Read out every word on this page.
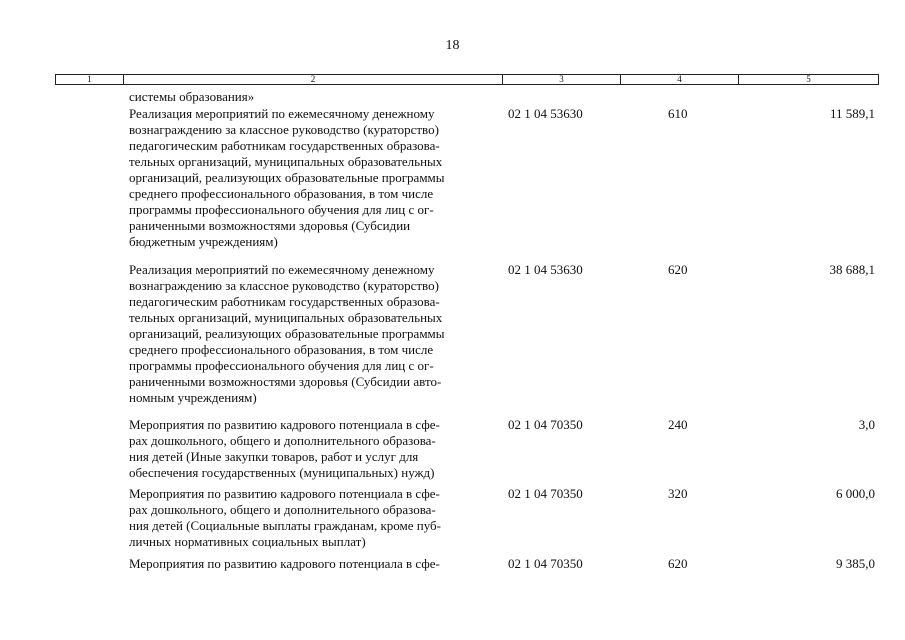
18
1	2	3	4	5
системы образования»
Реализация мероприятий по ежемесячному денежному
вознаграждению за классное руководство (кураторство)
педагогическим работникам государственных образова-
тельных организаций, муниципальных образовательных
организаций, реализующих образовательные программы
среднего профессионального образования, в том числе
программы профессионального обучения для лиц с ог-
раниченными возможностями здоровья (Субсидии
бюджетным учреждениям)
02 1 04 53630	610	11 589,1
Реализация мероприятий по ежемесячному денежному
вознаграждению за классное руководство (кураторство)
педагогическим работникам государственных образова-
тельных организаций, муниципальных образовательных
организаций, реализующих образовательные программы
среднего профессионального образования, в том числе
программы профессионального обучения для лиц с ог-
раниченными возможностями здоровья (Субсидии авто-
номным учреждениям)
02 1 04 53630	620	38 688,1
Мероприятия по развитию кадрового потенциала в сфе-
рах дошкольного, общего и дополнительного образова-
ния детей (Иные закупки товаров, работ и услуг для
обеспечения государственных (муниципальных) нужд)
02 1 04 70350	240	3,0
Мероприятия по развитию кадрового потенциала в сфе-
рах дошкольного, общего и дополнительного образова-
ния детей (Социальные выплаты гражданам, кроме пуб-
личных нормативных социальных выплат)
02 1 04 70350	320	6 000,0
Мероприятия по развитию кадрового потенциала в сфе-	02 1 04 70350	620	9 385,0
